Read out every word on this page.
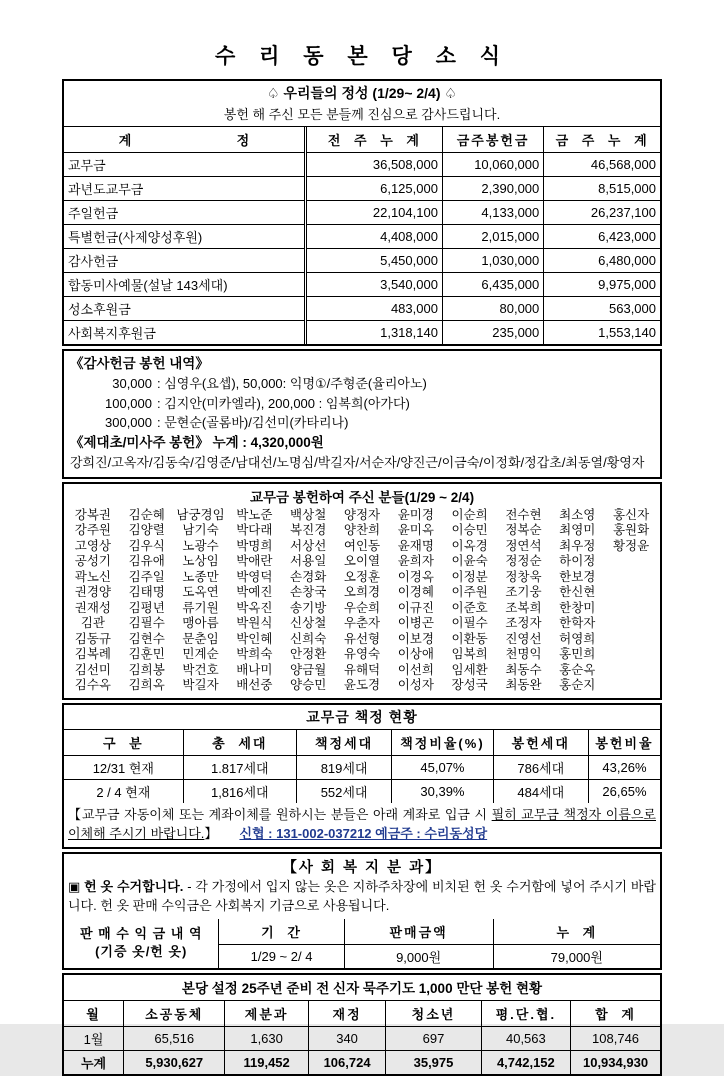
수 리 동 본 당 소 식
♤ 우리들의 정성 (1/29~ 2/4) ♤
봉헌 해 주신 모든 분들께 진심으로 감사드립니다.
계 정	전 주 누 계	금주봉헌금	금 주 누 계
교무금	36,508,000	10,060,000	46,568,000
과년도교무금	6,125,000	2,390,000	8,515,000
주일헌금	22,104,100	4,133,000	26,237,100
특별헌금(사제양성후원)	4,408,000	2,015,000	6,423,000
감사헌금	5,450,000	1,030,000	6,480,000
합동미사예물(설날 143세대)	3,540,000	6,435,000	9,975,000
성소후원금	483,000	80,000	563,000
사회복지후원금	1,318,140	235,000	1,553,140
《감사헌금 봉헌 내역》
30,000 : 심영우(요셉), 50,000: 익명①/주형준(율리아노)
100,000 : 김지안(미카엘라), 200,000 : 임복희(아가다)
300,000 : 문현순(골롬바)/김선미(카타리나)
《제대초/미사주 봉헌》 누계 : 4,320,000원
강희진/고옥자/김동숙/김영준/남대선/노명심/박길자/서순자/양진근/이금숙/이정화/정갑초/최동열/황영자
교무금 봉헌하여 주신 분들(1/29 ~ 2/4)
강복권	김순혜 남궁경임 박노준	백상철	양정자	윤미경	이순희	전수현	최소영	홍신자
강주원	김양렬	남기숙	박다래	복진경	양찬희	윤미옥	이승민	정복순	최영미	홍원화
고영상	김우식	노광수	박명희	서상선	여인동	윤재명	이옥경	정연석	최우정	황정윤
공성기	김유애	노상임	박애란	서용일	오이열	윤희자	이윤숙	정정순	하이정
곽노신	김주일	노종만	박영덕	손경화	오정훈	이경옥	이정분	정창욱	한보경
권경양	김태명	도옥연	박예진	손창국	오희경	이경혜	이주원	조기웅	한신현
권재성	김평년	류기원	박옥진	송기방	우순희	이규진	이준호	조복희	한창미
김관	김필수	맹아름	박원식	신상철	우춘자	이병곤	이필수	조정자	한학자
김동규	김현수	문춘임	박인혜	신희숙	유선형	이보경	이환동	진영선	허영희
김복례	김훈민	민계순	박희숙	안정환	유영숙	이상애	임복희	천명익	홍민희
김선미	김희봉	박건호	배나미	양금월	유해덕	이선희	임세환	최동수	홍순옥
김수옥	김희옥	박길자	배선중	양승민	윤도경	이성자	장성국	최동완	홍순지
교무금 책정 현황
구 분	총 세대	책정세대	책정비율(%)	봉헌세대	봉헌비율
12/31 현재	1.817세대	819세대	45,07%	786세대	43,26%
2 / 4 현재	1,816세대	552세대	30,39%	484세대	26,65%
【교무금 자동이체 또는 계좌이체를 원하시는 분들은 아래 계좌로 입금 시 필히 교무금 책정자 이름으로 이체해 주시기 바랍니다.】 신협 : 131-002-037212 예금주 : 수리동성당
【사 회 복 지 분 과】
▣ 헌 옷 수거합니다. - 각 가정에서 입지 않는 옷은 지하주차장에 비치된 헌 옷 수거함에 넣어 주시기 바랍니다. 헌 옷 판매 수익금은 사회복지 기금으로 사용됩니다.
판 매 수 익 금 내 역
(기증 옷/헌 옷)	기 간	판매금액	누 계
	1/29 ~ 2/ 4	9,000원	79,000원
본당 설정 25주년 준비 전 신자 묵주기도 1,000 만단 봉헌 현황
월	소공동체	제분과	재정	청소년	평.단.협.	합 계
1월	65,516	1,630	340	697	40,563	108,746
누계	5,930,627	119,452	106,724	35,975	4,742,152	10,934,930
